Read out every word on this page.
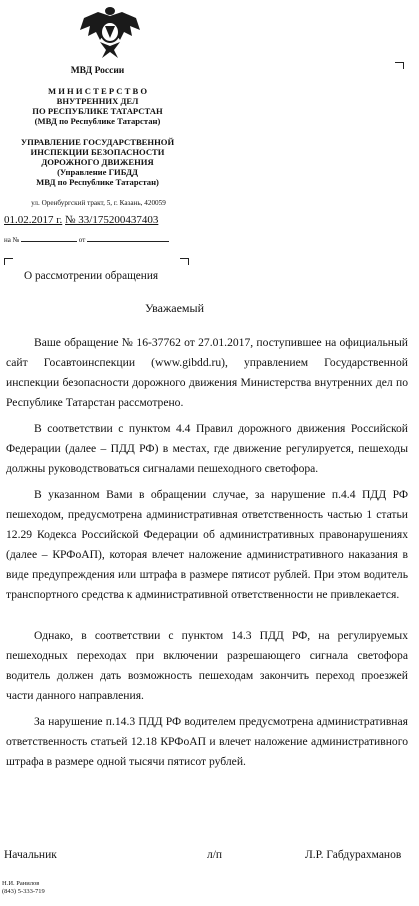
МВД России
М И Н И С Т Е Р С Т В О
ВНУТРЕННИХ ДЕЛ
ПО РЕСПУБЛИКЕ ТАТАРСТАН
(МВД по Республике Татарстан)
УПРАВЛЕНИЕ ГОСУДАРСТВЕННОЙ
ИНСПЕКЦИИ БЕЗОПАСНОСТИ
ДОРОЖНОГО ДВИЖЕНИЯ
(Управление ГИБДД
МВД по Республике Татарстан)
ул. Оренбургский тракт, 5, г. Казань, 420059
01.02.2017 г. № 33/175200437403
на №	от
О рассмотрении обращения
Уважаемый

Ваше обращение № 16-37762 от 27.01.2017, поступившее на официальный сайт Госавтоинспекции (www.gibdd.ru), управлением Государственной инспекции безопасности дорожного движения Министерства внутренних дел по Республике Татарстан рассмотрено.

В соответствии с пунктом 4.4 Правил дорожного движения Российской Федерации (далее – ПДД РФ) в местах, где движение регулируется, пешеходы должны руководствоваться сигналами пешеходного светофора.

В указанном Вами в обращении случае, за нарушение п.4.4 ПДД РФ пешеходом, предусмотрена административная ответственность частью 1 статьи 12.29 Кодекса Российской Федерации об административных правонарушениях (далее – КРФоАП), которая влечет наложение административного наказания в виде предупреждения или штрафа в размере пятисот рублей. При этом водитель транспортного средства к административной ответственности не привлекается.

Однако, в соответствии с пунктом 14.3 ПДД РФ, на регулируемых пешеходных переходах при включении разрешающего сигнала светофора водитель должен дать возможность пешеходам закончить переход проезжей части данного направления.

За нарушение п.14.3 ПДД РФ водителем предусмотрена административная ответственность статьей 12.18 КРФоАП и влечет наложение административного штрафа в размере одной тысячи пятисот рублей.

Начальник	л/п	Л.Р. Габдурахманов
Н.И. Ранилов
(843) 5-333-719
